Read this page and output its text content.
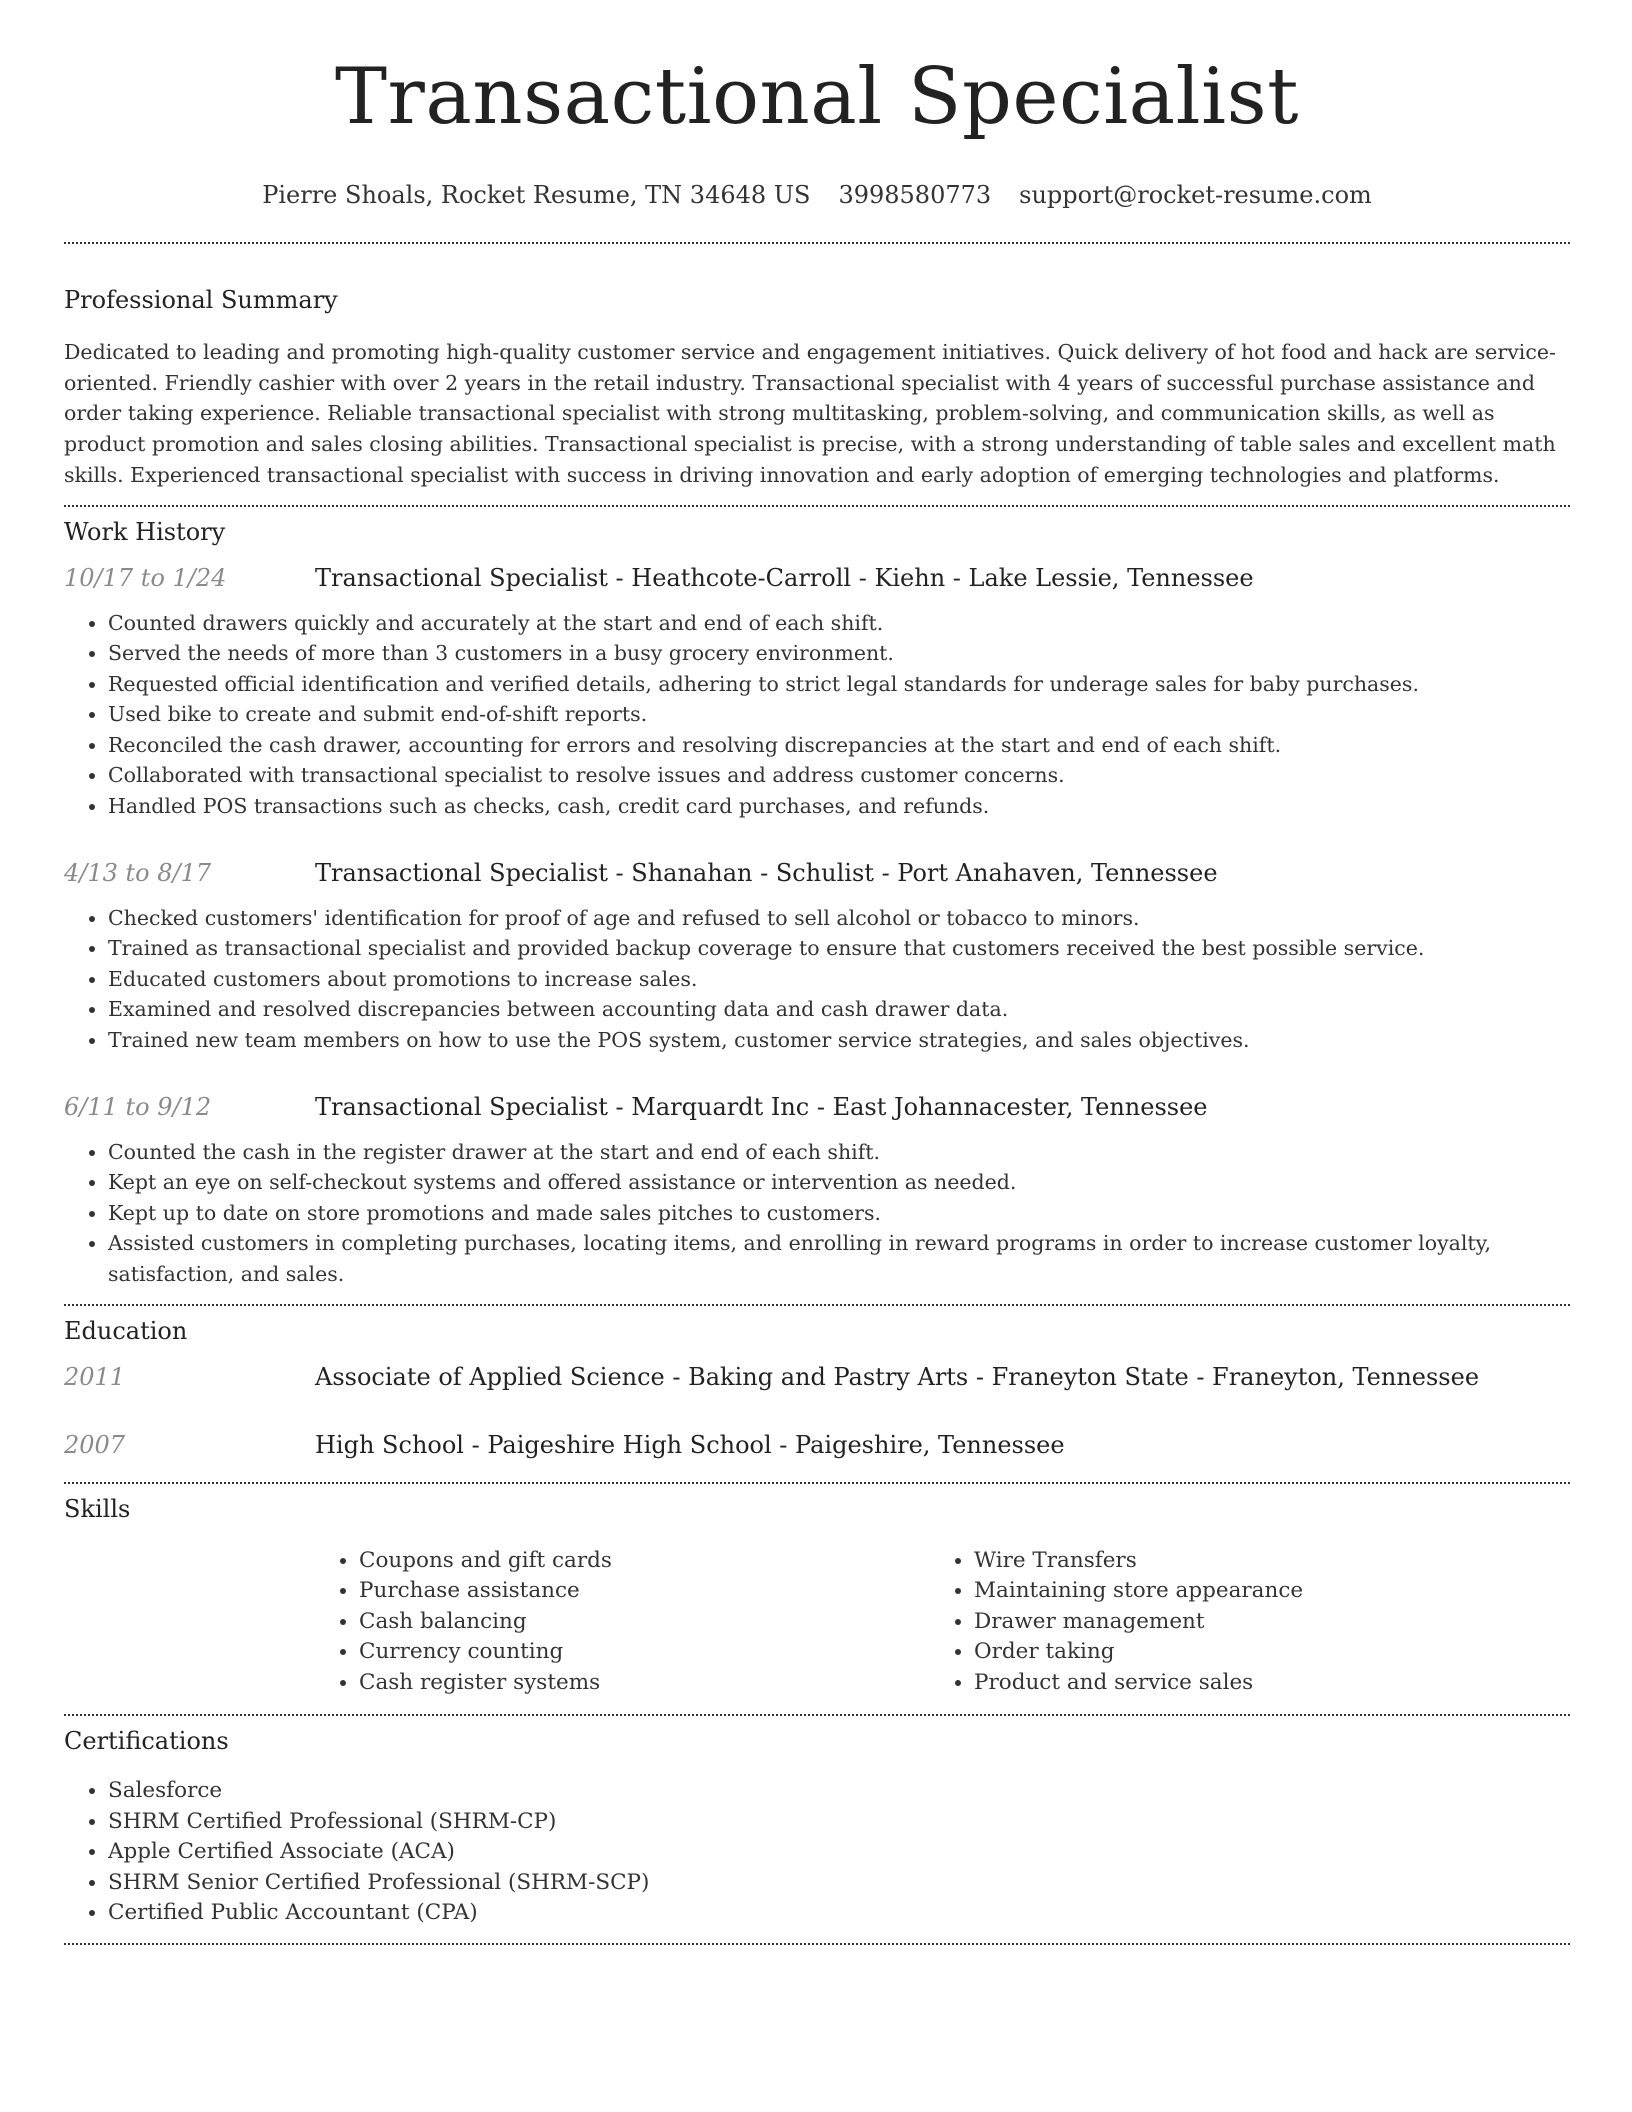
Transactional Specialist
Pierre Shoals, Rocket Resume, TN 34648 US 3998580773 support@rocket-resume.com
Professional Summary

Dedicated to leading and promoting high-quality customer service and engagement initiatives. Quick delivery of hot food and hack are service-oriented. Friendly cashier with over 2 years in the retail industry. Transactional specialist with 4 years of successful purchase assistance and order taking experience. Reliable transactional specialist with strong multitasking, problem-solving, and communication skills, as well as product promotion and sales closing abilities. Transactional specialist is precise, with a strong understanding of table sales and excellent math skills. Experienced transactional specialist with success in driving innovation and early adoption of emerging technologies and platforms.

Work History
10/17 to 1/24	Transactional Specialist - Heathcote-Carroll - Kiehn - Lake Lessie, Tennessee
• Counted drawers quickly and accurately at the start and end of each shift.
• Served the needs of more than 3 customers in a busy grocery environment.
• Requested official identification and verified details, adhering to strict legal standards for underage sales for baby purchases.
• Used bike to create and submit end-of-shift reports.
• Reconciled the cash drawer, accounting for errors and resolving discrepancies at the start and end of each shift.
• Collaborated with transactional specialist to resolve issues and address customer concerns.
• Handled POS transactions such as checks, cash, credit card purchases, and refunds.
4/13 to 8/17	Transactional Specialist - Shanahan - Schulist - Port Anahaven, Tennessee
• Checked customers' identification for proof of age and refused to sell alcohol or tobacco to minors.
• Trained as transactional specialist and provided backup coverage to ensure that customers received the best possible service.
• Educated customers about promotions to increase sales.
• Examined and resolved discrepancies between accounting data and cash drawer data.
• Trained new team members on how to use the POS system, customer service strategies, and sales objectives.
6/11 to 9/12	Transactional Specialist - Marquardt Inc - East Johannacester, Tennessee
• Counted the cash in the register drawer at the start and end of each shift.
• Kept an eye on self-checkout systems and offered assistance or intervention as needed.
• Kept up to date on store promotions and made sales pitches to customers.
• Assisted customers in completing purchases, locating items, and enrolling in reward programs in order to increase customer loyalty, satisfaction, and sales.
Education
2011	Associate of Applied Science - Baking and Pastry Arts - Franeyton State - Franeyton, Tennessee
2007	High School - Paigeshire High School - Paigeshire, Tennessee
Skills
• Coupons and gift cards
• Purchase assistance
• Cash balancing
• Currency counting
• Cash register systems
• Wire Transfers
• Maintaining store appearance
• Drawer management
• Order taking
• Product and service sales
Certifications
• Salesforce
• SHRM Certified Professional (SHRM-CP)
• Apple Certified Associate (ACA)
• SHRM Senior Certified Professional (SHRM-SCP)
• Certified Public Accountant (CPA)
